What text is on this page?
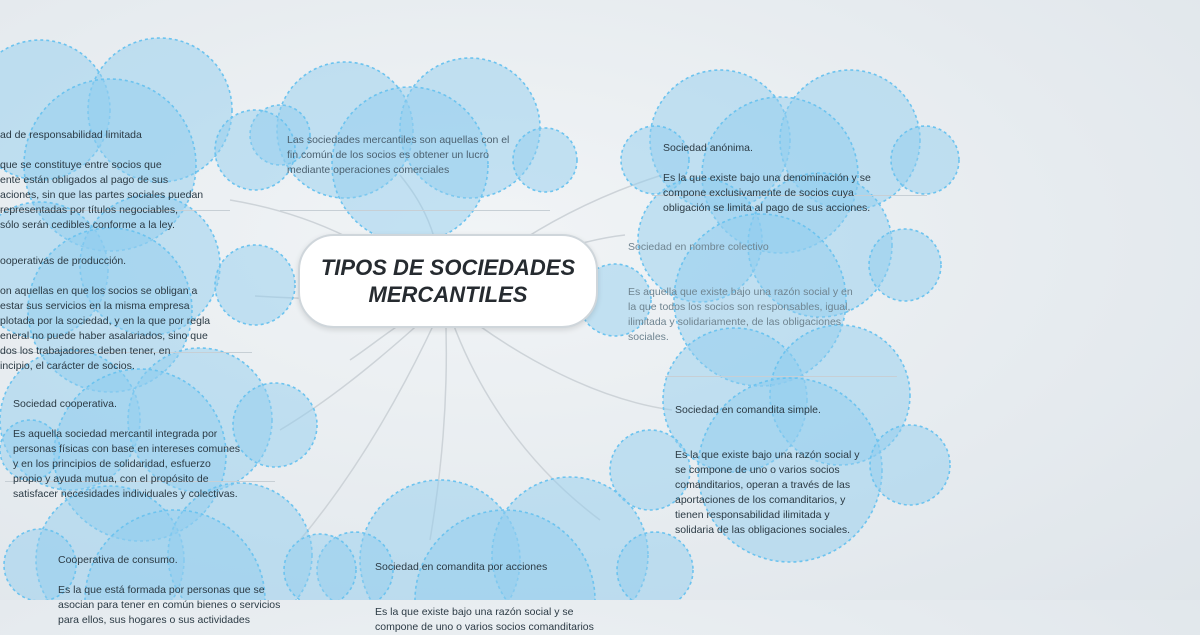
Las sociedades mercantiles son aquellas con el
fin común de los socios es obtener un lucro
mediante operaciones comerciales

Sociedad anónima.

Es la que existe bajo una denominación y se
compone exclusivamente de socios cuya
obligación se limita al pago de sus acciones.

Sociedad en nombre colectivo

Es aquella que existe bajo una razón social y en
la que todos los socios son responsables, igual,
ilimitada y solidariamente, de las obligaciones
sociales.

Sociedad en comandita simple.

Es la que existe bajo una razón social y
se compone de uno o varios socios
comanditarios, operan a través de las
aportaciones de los comanditarios, y
tienen responsabilidad ilimitada y
solidaria de las obligaciones sociales.

Sociedad en comandita por acciones

Es la que existe bajo una razón social y se
compone de uno o varios socios comanditarios

ad de responsabilidad limitada

que se constituye entre socios que
ente están obligados al pago de sus
aciones, sin que las partes sociales puedan
representadas por títulos negociables,
sólo serán cedibles conforme a la ley.

ooperativas de producción.

on aquellas en que los socios se obligan a
estar sus servicios en la misma empresa
plotada por la sociedad, y en la que por regla
eneral no puede haber asalariados, sino que
dos los trabajadores deben tener, en
incipio, el carácter de socios.

Sociedad cooperativa.

Es aquella sociedad mercantil integrada por
personas físicas con base en intereses comunes
y en los principios de solidaridad, esfuerzo
propio y ayuda mutua, con el propósito de
satisfacer necesidades individuales y colectivas.

Cooperativa de consumo.

Es la que está formada por personas que se
asocian para tener en común bienes o servicios
para ellos, sus hogares o sus actividades

TIPOS DE SOCIEDADES
MERCANTILES
